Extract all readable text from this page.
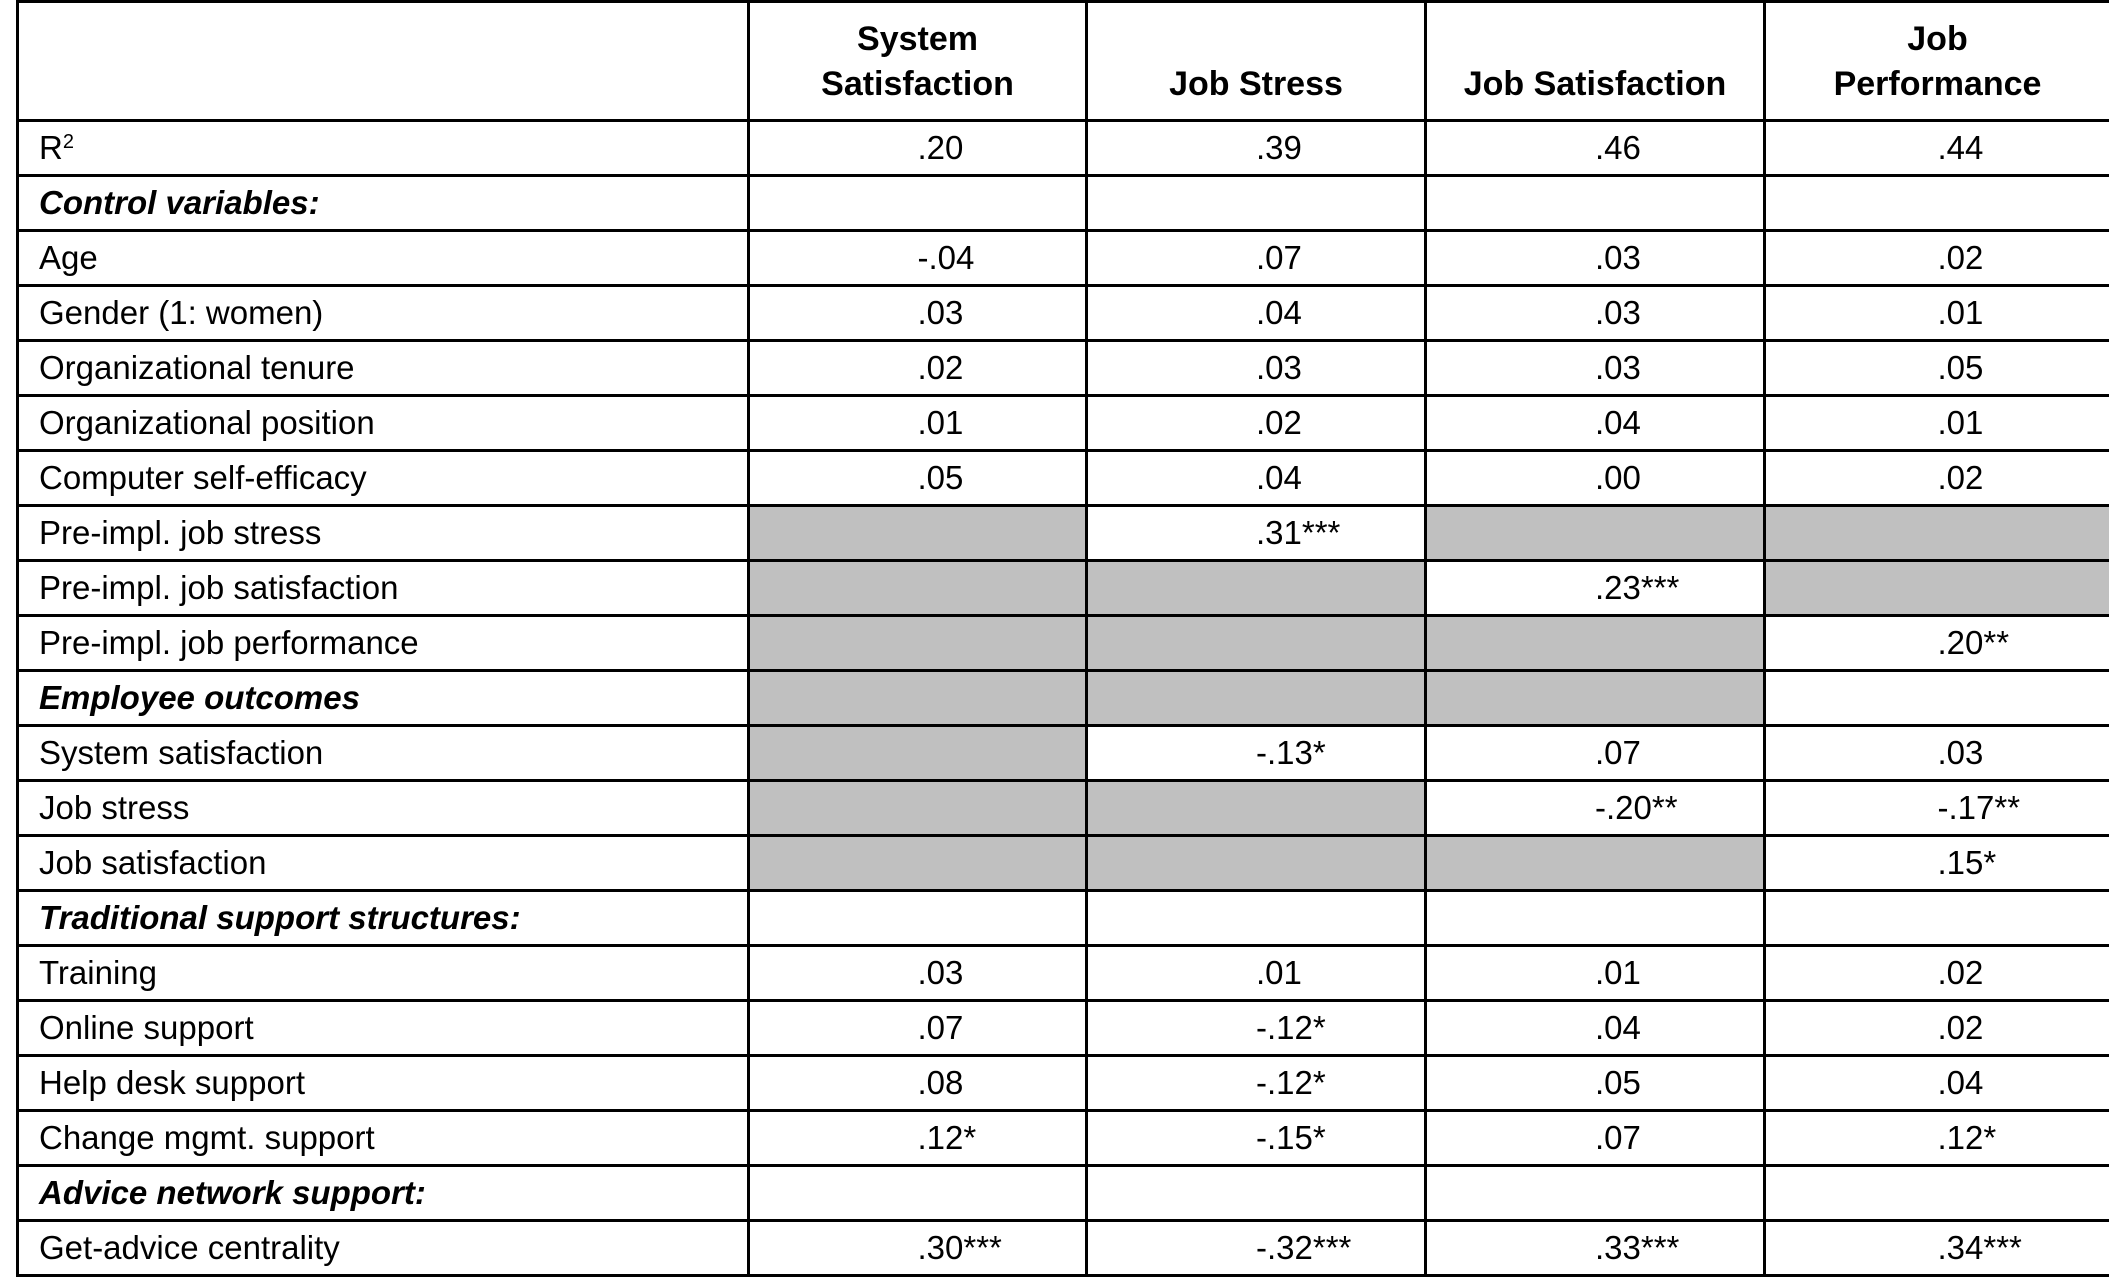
	System
Satisfaction	Job Stress	Job Satisfaction	Job
Performance
$R^2$	.20	.39	.46	.44
Control variables:				
Age	-.04	.07	.03	.02
Gender (1: women)	.03	.04	.03	.01
Organizational tenure	.02	.03	.03	.05
Organizational position	.01	.02	.04	.01
Computer self-efficacy	.05	.04	.00	.02
Pre-impl. job stress		.31***		
Pre-impl. job satisfaction			.23***	
Pre-impl. job performance				.20**
Employee outcomes				
System satisfaction		-.13*	.07	.03
Job stress			-.20**	-.17**
Job satisfaction				.15*
Traditional support structures:				
Training	.03	.01	.01	.02
Online support	.07	-.12*	.04	.02
Help desk support	.08	-.12*	.05	.04
Change mgmt. support	.12*	-.15*	.07	.12*
Advice network support:				
Get-advice centrality	.30***	-.32***	.33***	.34***
